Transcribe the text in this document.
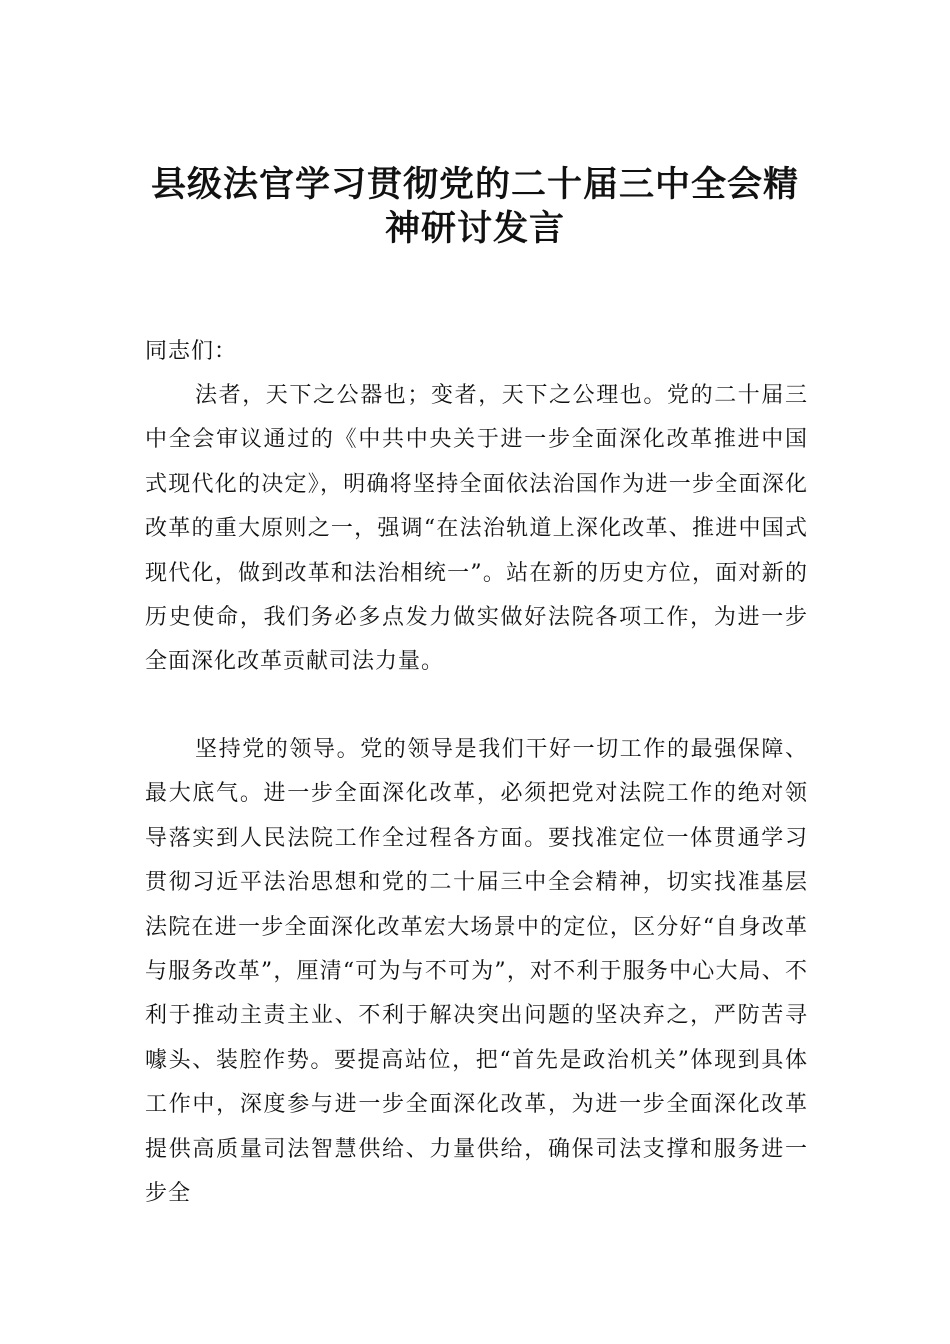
县级法官学习贯彻党的二十届三中全会精
神研讨发言
同志们：

法者，天下之公器也；变者，天下之公理也。党的二十届三中全会审议通过的《中共中央关于进一步全面深化改革推进中国式现代化的决定》，明确将坚持全面依法治国作为进一步全面深化改革的重大原则之一，强调“在法治轨道上深化改革、推进中国式现代化，做到改革和法治相统一”。站在新的历史方位，面对新的历史使命，我们务必多点发力做实做好法院各项工作，为进一步全面深化改革贡献司法力量。

坚持党的领导。党的领导是我们干好一切工作的最强保障、最大底气。进一步全面深化改革，必须把党对法院工作的绝对领导落实到人民法院工作全过程各方面。要找准定位一体贯通学习贯彻习近平法治思想和党的二十届三中全会精神，切实找准基层法院在进一步全面深化改革宏大场景中的定位，区分好“自身改革与服务改革”，厘清“可为与不可为”，对不利于服务中心大局、不利于推动主责主业、不利于解决突出问题的坚决弃之，严防苦寻噱头、装腔作势。要提高站位，把“首先是政治机关”体现到具体工作中，深度参与进一步全面深化改革，为进一步全面深化改革提供高质量司法智慧供给、力量供给，确保司法支撑和服务进一步全
